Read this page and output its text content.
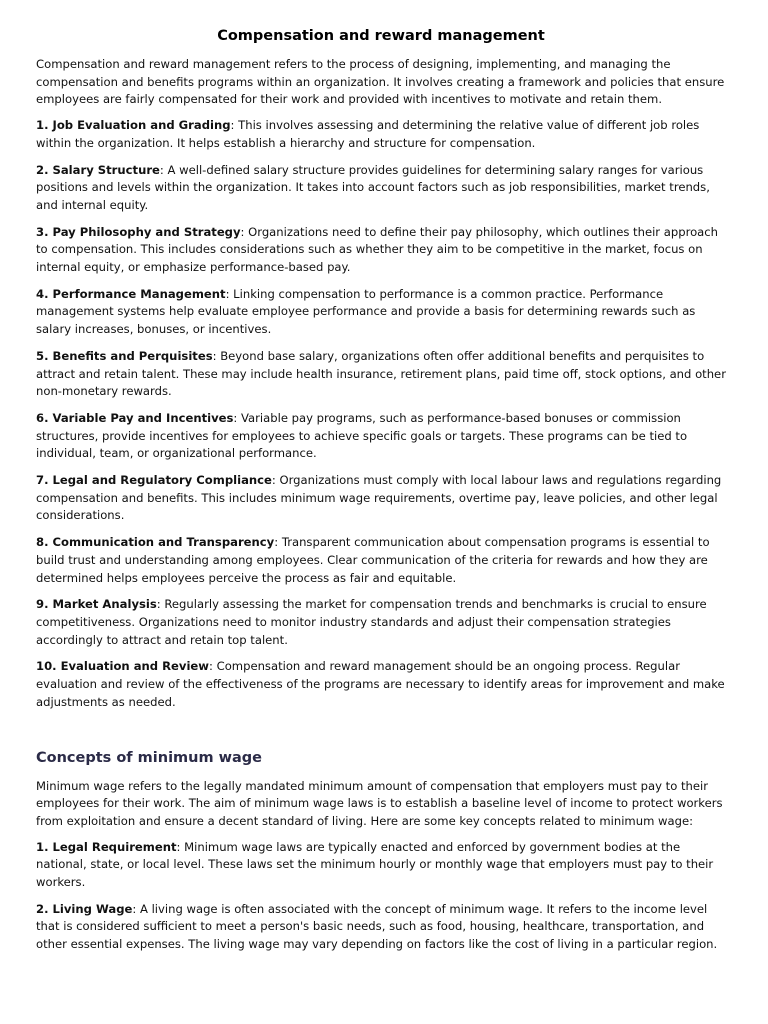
Compensation and reward management

Compensation and reward management refers to the process of designing, implementing, and managing the compensation and benefits programs within an organization. It involves creating a framework and policies that ensure employees are fairly compensated for their work and provided with incentives to motivate and retain them.

1. Job Evaluation and Grading: This involves assessing and determining the relative value of different job roles within the organization. It helps establish a hierarchy and structure for compensation.

2. Salary Structure: A well-defined salary structure provides guidelines for determining salary ranges for various positions and levels within the organization. It takes into account factors such as job responsibilities, market trends, and internal equity.

3. Pay Philosophy and Strategy: Organizations need to define their pay philosophy, which outlines their approach to compensation. This includes considerations such as whether they aim to be competitive in the market, focus on internal equity, or emphasize performance-based pay.

4. Performance Management: Linking compensation to performance is a common practice. Performance management systems help evaluate employee performance and provide a basis for determining rewards such as salary increases, bonuses, or incentives.

5. Benefits and Perquisites: Beyond base salary, organizations often offer additional benefits and perquisites to attract and retain talent. These may include health insurance, retirement plans, paid time off, stock options, and other non-monetary rewards.

6. Variable Pay and Incentives: Variable pay programs, such as performance-based bonuses or commission structures, provide incentives for employees to achieve specific goals or targets. These programs can be tied to individual, team, or organizational performance.

7. Legal and Regulatory Compliance: Organizations must comply with local labour laws and regulations regarding compensation and benefits. This includes minimum wage requirements, overtime pay, leave policies, and other legal considerations.

8. Communication and Transparency: Transparent communication about compensation programs is essential to build trust and understanding among employees. Clear communication of the criteria for rewards and how they are determined helps employees perceive the process as fair and equitable.

9. Market Analysis: Regularly assessing the market for compensation trends and benchmarks is crucial to ensure competitiveness. Organizations need to monitor industry standards and adjust their compensation strategies accordingly to attract and retain top talent.

10. Evaluation and Review: Compensation and reward management should be an ongoing process. Regular evaluation and review of the effectiveness of the programs are necessary to identify areas for improvement and make adjustments as needed.

Concepts of minimum wage

Minimum wage refers to the legally mandated minimum amount of compensation that employers must pay to their employees for their work. The aim of minimum wage laws is to establish a baseline level of income to protect workers from exploitation and ensure a decent standard of living. Here are some key concepts related to minimum wage:

1. Legal Requirement: Minimum wage laws are typically enacted and enforced by government bodies at the national, state, or local level. These laws set the minimum hourly or monthly wage that employers must pay to their workers.

2. Living Wage: A living wage is often associated with the concept of minimum wage. It refers to the income level that is considered sufficient to meet a person's basic needs, such as food, housing, healthcare, transportation, and other essential expenses. The living wage may vary depending on factors like the cost of living in a particular region.
